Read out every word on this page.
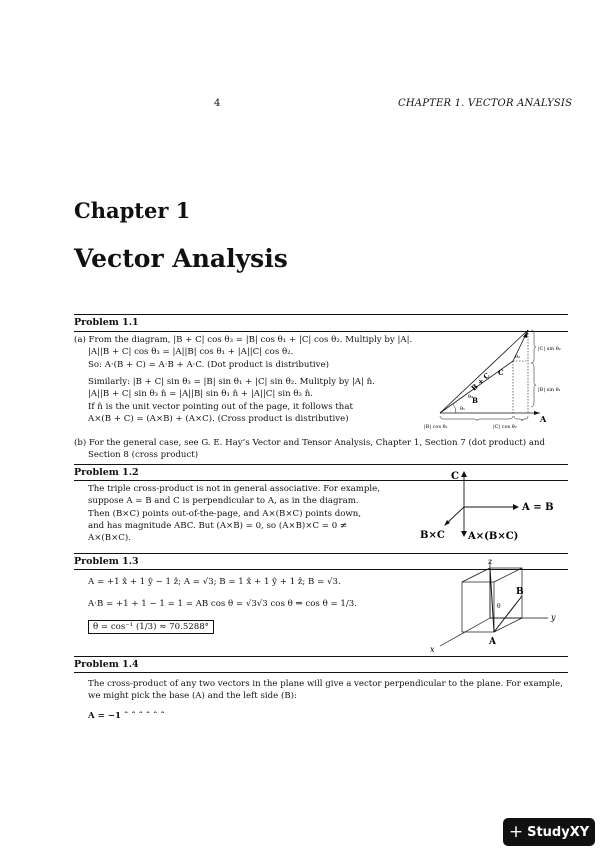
4	CHAPTER 1. VECTOR ANALYSIS
Chapter 1
Vector Analysis
Problem 1.1
(a) From the diagram, |B + C| cos θ₃ = |B| cos θ₁ + |C| cos θ₂. Multiply by |A|.
|A||B + C| cos θ₃ = |A||B| cos θ₁ + |A||C| cos θ₂.
So: A·(B + C) = A·B + A·C. (Dot product is distributive)
Similarly: |B + C| sin θ₃ = |B| sin θ₁ + |C| sin θ₂. Mulitply by |A| n̂.
|A||B + C| sin θ₃ n̂ = |A||B| sin θ₁ n̂ + |A||C| sin θ₂ n̂.
If n̂ is the unit vector pointing out of the page, it follows that
A×(B + C) = (A×B) + (A×C). (Cross product is distributive)
B + C C
B
A
θ₁
θ₂
θ₃
|C| sin θ₂
|B| sin θ₁
|B| cos θ₁	|C| cos θ₂
(b) For the general case, see G. E. Hay’s Vector and Tensor Analysis, Chapter 1, Section 7 (dot product) and
Section 8 (cross product)
Problem 1.2
The triple cross-product is not in general associative. For example,
suppose A = B and C is perpendicular to A, as in the diagram.
Then (B×C) points out-of-the-page, and A×(B×C) points down,
and has magnitude ABC. But (A×B) = 0, so (A×B)×C = 0 ≠
A×(B×C).
C
A = B
B×C A×(B×C)
Problem 1.3
A = +1 x̂ + 1 ŷ − 1 ẑ; A = √3; B = 1 x̂ + 1 ŷ + 1 ẑ; B = √3.
A·B = +1 + 1 − 1 = 1 = AB cos θ = √3√3 cos θ ⇒ cos θ = 1/3.
θ = cos⁻¹ (1/3) ≈ 70.5288°
z
y
x
B
A
θ
Problem 1.4
The cross-product of any two vectors in the plane will give a vector perpendicular to the plane. For example,
we might pick the base (A) and the left side (B):
A = −1 ˆ ˆ ˆ ˆ ˆ ˆ
+ Study XY
